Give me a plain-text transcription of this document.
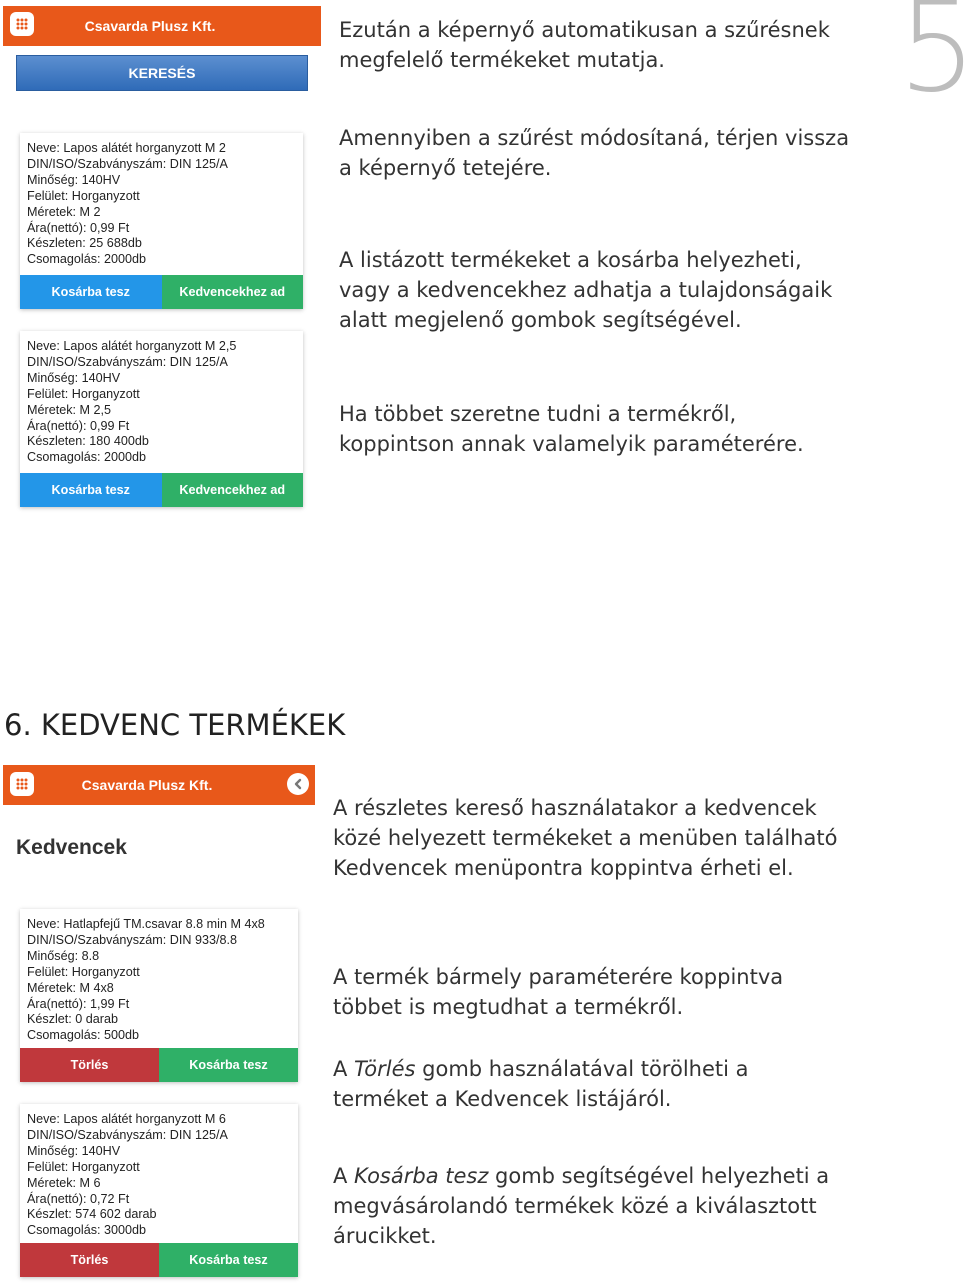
5
Csavarda Plusz Kft.
KERESÉS

Ezután a képernyő automatikusan a szűrésnek
megfelelő termékeket mutatja.

Amennyiben a szűrést módosítaná, térjen vissza
a képernyő tetejére.

A listázott termékeket a kosárba helyezheti,
vagy a kedvencekhez adhatja a tulajdonságaik
alatt megjelenő gombok segítségével.

Ha többet szeretne tudni a termékről,
koppintson annak valamelyik paraméterére.

Neve: Lapos alátét horganyzott M 2
DIN/ISO/Szabványszám: DIN 125/A
Minőség: 140HV
Felület: Horganyzott
Méretek: M 2
Ára(nettó): 0,99 Ft
Készleten: 25 688db
Csomagolás: 2000db
Kosárba tesz	Kedvencekhez ad
Neve: Lapos alátét horganyzott M 2,5
DIN/ISO/Szabványszám: DIN 125/A
Minőség: 140HV
Felület: Horganyzott
Méretek: M 2,5
Ára(nettó): 0,99 Ft
Készleten: 180 400db
Csomagolás: 2000db
Kosárba tesz	Kedvencekhez ad
6. KEDVENC TERMÉKEK
Csavarda Plusz Kft.
Kedvencek

A részletes kereső használatakor a kedvencek
közé helyezett termékeket a menüben található
Kedvencek menüpontra koppintva érheti el.

A termék bármely paraméterére koppintva
többet is megtudhat a termékről.

A Törlés gomb használatával törölheti a
terméket a Kedvencek listájáról.

A Kosárba tesz gomb segítségével helyezheti a
megvásárolandó termékek közé a kiválasztott
árucikket.

Neve: Hatlapfejű TM.csavar 8.8 min M 4x8
DIN/ISO/Szabványszám: DIN 933/8.8
Minőség: 8.8
Felület: Horganyzott
Méretek: M 4x8
Ára(nettó): 1,99 Ft
Készlet: 0 darab
Csomagolás: 500db
Törlés	Kosárba tesz
Neve: Lapos alátét horganyzott M 6
DIN/ISO/Szabványszám: DIN 125/A
Minőség: 140HV
Felület: Horganyzott
Méretek: M 6
Ára(nettó): 0,72 Ft
Készlet: 574 602 darab
Csomagolás: 3000db
Törlés	Kosárba tesz
